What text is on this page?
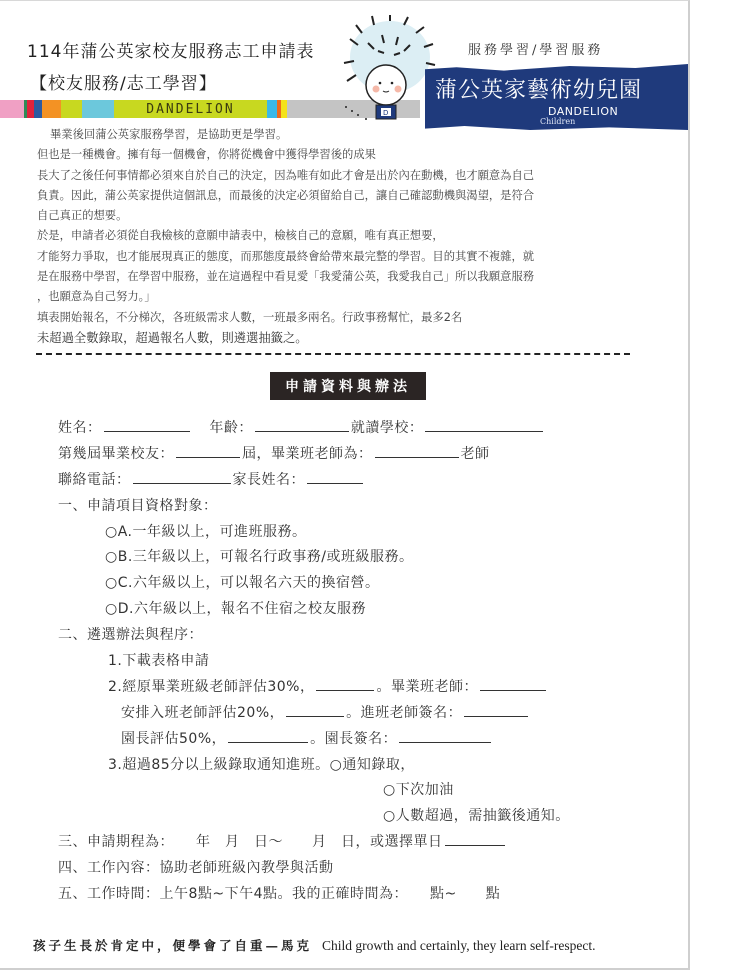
114年蒲公英家校友服務志工申請表
【校友服務/志工學習】
DANDELION	D
服務學習/學習服務
蒲公英家藝術幼兒園
DANDELION
Children

畢業後回蒲公英家服務學習，是協助更是學習。

但也是一種機會。擁有每一個機會，你將從機會中獲得學習後的成果

長大了之後任何事情都必須來自於自己的決定，因為唯有如此才會是出於內在動機，也才願意為自己

負責。因此，蒲公英家提供這個訊息，而最後的決定必須留給自己，讓自己確認動機與渴望，是符合

自己真正的想要。

於是，申請者必須從自我檢核的意願申請表中，檢核自己的意願，唯有真正想要，

才能努力爭取，也才能展現真正的態度，而那態度最終會給帶來最完整的學習。目的其實不複雜，就

是在服務中學習，在學習中服務，並在這過程中看見愛「我愛蒲公英，我愛我自己」所以我願意服務

，也願意為自己努力。」

填表開始報名，不分梯次，各班級需求人數，一班最多兩名。行政事務幫忙，最多2名

未超過全數錄取，超過報名人數，則遴選抽籤之。

申請資料與辦法
姓名：	年齡：	就讀學校：
第幾屆畢業校友：	屆，畢業班老師為：	老師
聯絡電話：	家長姓名：
一、申請項目資格對象：
○A.一年級以上，可進班服務。
○B.三年級以上，可報名行政事務/或班級服務。
○C.六年級以上，可以報名六天的換宿營。
○D.六年級以上，報名不住宿之校友服務
二、遴選辦法與程序：
1.下載表格申請
2.經原畢業班級老師評估30%，	。畢業班老師：
安排入班老師評估20%，	。進班老師簽名：
園長評估50%，	。園長簽名：
3.超過85分以上級錄取通知進班。○通知錄取，
○下次加油
○人數超過，需抽籤後通知。
三、申請期程為：　　年　月　日～　　月　日，或選擇單日
四、工作內容：協助老師班級內教學與活動
五、工作時間：上午8點~下午4點。我的正確時間為：　　點~　　點
孩子生長於肯定中，便學會了自重—馬克 Child growth and certainly, they learn self-respect.
